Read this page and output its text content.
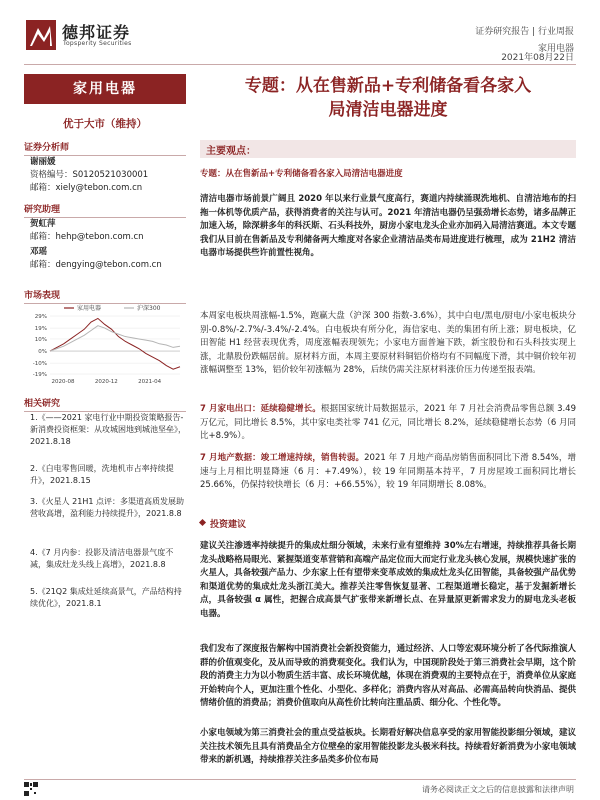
德邦证券
Topsperity Securities
证券研究报告 | 行业周报
家用电器
2021年08月22日
家用电器
优于大市（维持）
证券分析师
谢丽媛
资格编号：S0120521030001
邮箱：xiely@tebon.com.cn
研究助理
贺虹萍
邮箱：hehp@tebon.com.cn
邓瑶
邮箱：dengying@tebon.com.cn
市场表现
29%
19%
10%
0%
-10%
-19%
2020-08	2020-12	2021-04
家用电器	沪深300
相关研究
1.《——2021 家电行业中期投资策略报告-新消费投资框架：从攻城困地到城池坚垒》，2021.8.18
2.《白电零售回暖，洗地机市占率持续提升》，2021.8.15
3.《火星人 21H1 点评：多渠道高质发展助营收高增，盈利能力持续提升》，2021.8.8
4.《7 月内参：投影及清洁电器景气度不减，集成灶龙头线上高增》，2021.8.8
5.《21Q2 集成灶延续高景气，产品结构持续优化》，2021.8.1
专题：从在售新品+专利储备看各家入
局清洁电器进度
主要观点：
专题：从在售新品+专利储备看各家入局清洁电器进度
清洁电器市场前景广阔且 2020 年以来行业景气度高行，赛道内持续涌现洗地机、自清洁地布的扫拖一体机等优质产品，获得消费者的关注与认可。2021 年清洁电器仍呈强劲增长态势，诸多品牌正加速入场，除深耕多年的科沃斯、石头科技外，厨房小家电龙头企业亦加码入局清洁赛道。本文专题我们从目前在售新品及专利储备两大维度对各家企业清洁品类布局进度进行梳理，成为 21H2 清洁电器市场提供些许前置性视角。
本周家电板块周涨幅-1.5%，跑赢大盘（沪深 300 指数-3.6%），其中白电/黑电/厨电/小家电板块分别-0.8%/-2.7%/-3.4%/-2.4%。白电板块有所分化，海信家电、美的集团有所上涨；厨电板块，亿田智能 H1 经营表现优秀，周度涨幅表现领先；小家电方面普遍下跌，新宝股份和石头科技实现上涨，北鼎股份跌幅居前。原材料方面，本周主要原材料铜铝价格均有不同幅度下滑，其中铜价较年初涨幅调整至 13%，铝价较年初涨幅为 28%，后续仍需关注原材料涨价压力传递至报表端。
7 月家电出口：延续稳健增长。根据国家统计局数据显示，2021 年 7 月社会消费品零售总额 3.49 万亿元，同比增长 8.5%，其中家电类社零 741 亿元，同比增长 8.2%，延续稳健增长态势（6 月同比+8.9%）。
7 月地产数据：竣工增速持续，销售转弱。2021 年 7 月地产商品房销售面积同比下滑 8.54%，增速与上月相比明显降速（6 月：+7.49%），较 19 年同期基本持平，7 月房屋竣工面积同比增长 25.66%，仍保持较快增长（6 月：+66.55%），较 19 年同期增长 8.08%。
投资建议
建议关注渗透率持续提升的集成灶细分领域，未来行业有望维持 30%左右增速，持续推荐具备长期龙头战略格局眼光、紧握渠道变革营销和高端产品定位而大而定行业龙头核心发展，规模快速扩张的火星人，具备较强产品力、少东家上任有望带来变革成效的集成灶龙头亿田智能，具备较强产品优势和渠道优势的集成灶龙头浙江美大。推荐关注零售恢复显著、工程渠道增长稳定，基于发掘新增长点，具备较强 α 属性，把握合成高景气扩张带来新增长点、在异量原更新需求发力的厨电龙头老板电器。
我们发布了深度报告解构中国消费社会新投资能力，通过经济、人口等宏观环境分析了各代际推演人群的价值观变化，及从而导致的消费观变化。我们认为，中国现阶段处于第三消费社会早期，这个阶段的消费主力为以小物质生活丰富、成长环境优越，体现在消费观的主要特点在于，消费单位从家庭开始转向个人，更加注重个性化、小型化、多样化；消费内容从对高品、必需高品转向快消品、提供情绪价值的消费品；消费价值取向从高性价比转向注重品质、细分化、个性化等。
小家电领域为第三消费社会的重点受益板块。长期看好解决信息享受的家用智能投影细分领域，建议关注技术领先且具有消费品全方位壁垒的家用智能投影龙头极米科技。持续看好新消费为小家电领域带来的新机遇，持续推荐关注多品类多价位布局
请务必阅读正文之后的信息披露和法律声明
